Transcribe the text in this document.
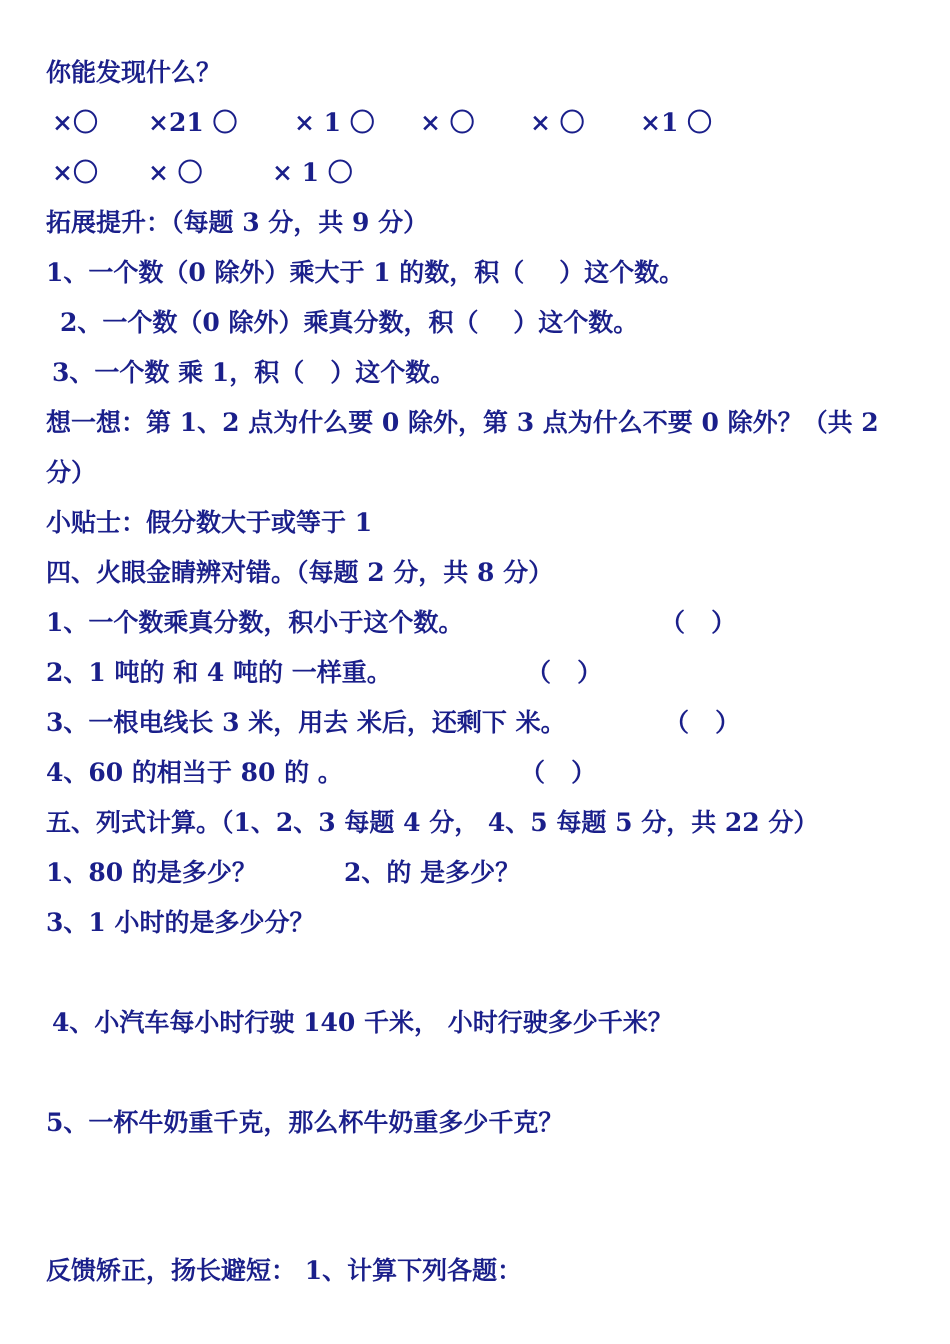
你能发现什么？
×〇 ×21 〇 × 1 〇 × 〇 × 〇 ×1 〇
×〇 × 〇	× 1 〇
拓展提升：（每题 3 分，共 9 分）
1、一个数（0 除外）乘大于 1 的数，积（    ）这个数。
2、一个数（0 除外）乘真分数，积（    ）这个数。
3、一个数 乘 1，积（   ）这个数。
想一想：第 1、2 点为什么要 0 除外，第 3 点为什么不要 0 除外？（共 2
分）
小贴士：假分数大于或等于 1
四、火眼金睛辨对错。（每题 2 分，共 8 分）
1、一个数乘真分数，积小于这个数。	（   ）
2、1 吨的 和 4 吨的 一样重。	（   ）
3、一根电线长 3 米，用去 米后，还剩下 米。	（   ）
4、60 的相当于 80 的 。	（   ）
五、列式计算。（1、2、3 每题 4 分， 4、5 每题 5 分，共 22 分）
1、80 的是多少？	2、的 是多少？
3、1 小时的是多少分？
4、小汽车每小时行驶 140 千米， 小时行驶多少千米？
5、一杯牛奶重千克，那么杯牛奶重多少千克？
反馈矫正，扬长避短： 1、计算下列各题：
